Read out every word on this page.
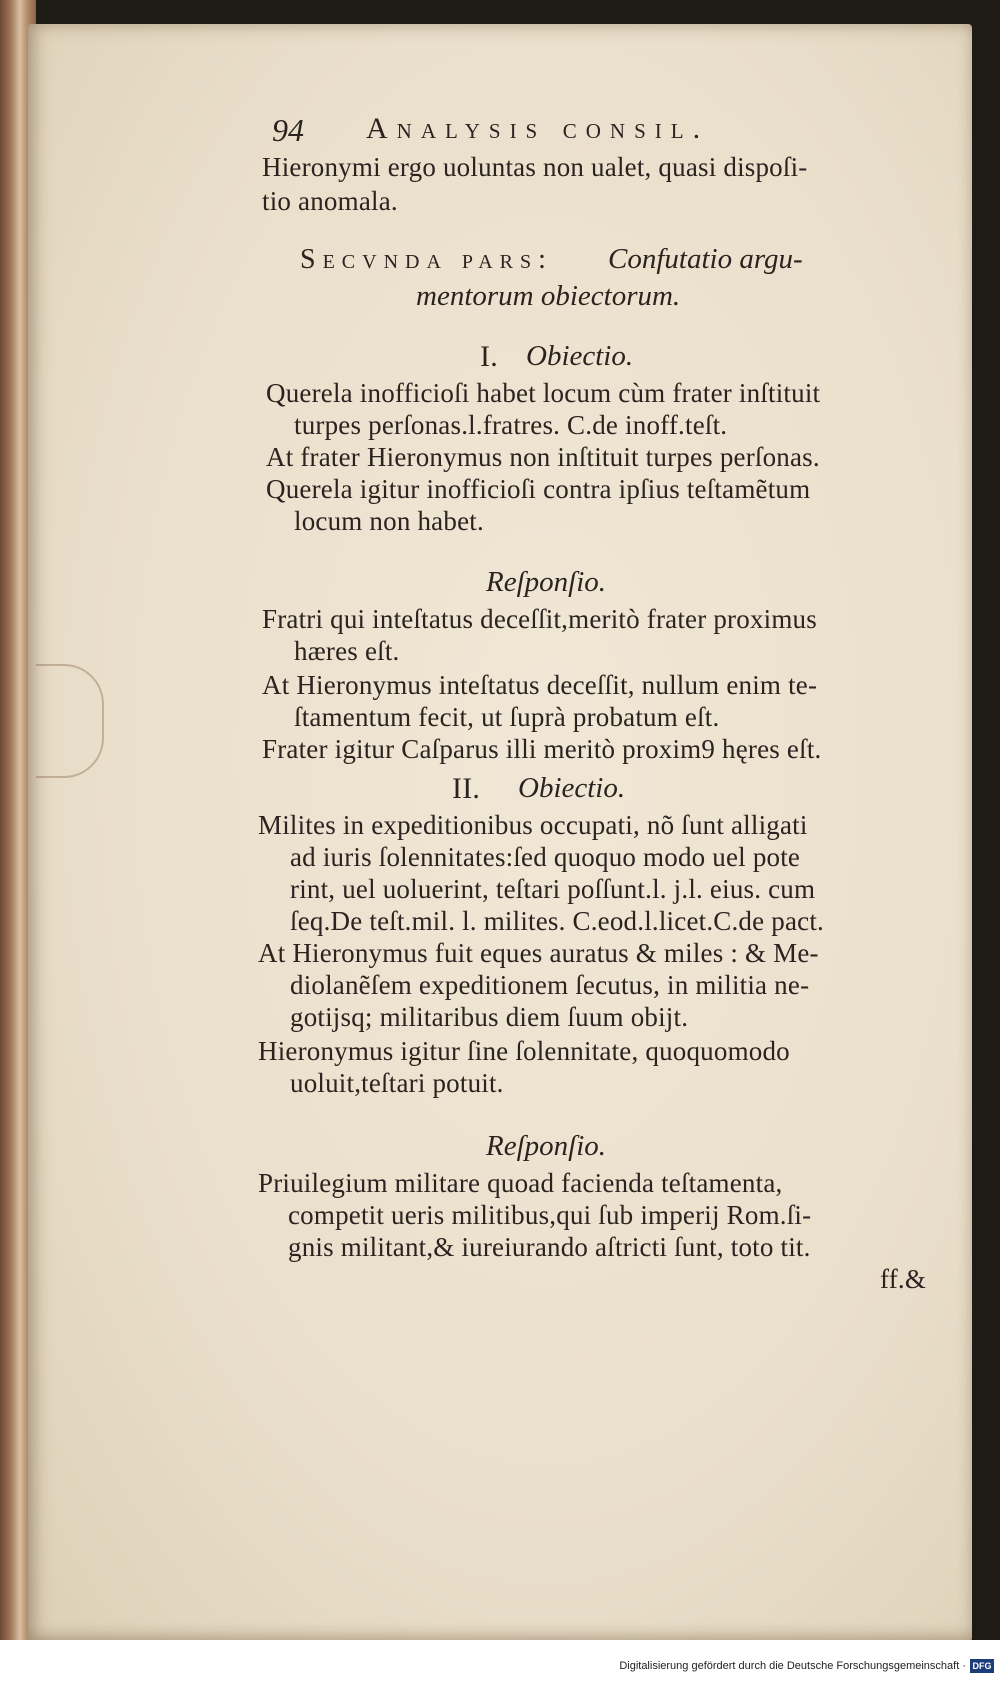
94 Analysis consil.
Hieronymi ergo uoluntas non ualet, quasi dispoſi-
tio anomala.
Secvnda pars: Confutatio argu-
mentorum obiectorum.
I. Obiectio.
Querela inofficioſi habet locum cùm frater inſtituit
turpes perſonas.l.fratres. C.de inoff.teſt.
At frater Hieronymus non inſtituit turpes perſonas.
Querela igitur inofficioſi contra ipſius teſtamẽtum
locum non habet.
Reſponſio.
Fratri qui inteſtatus deceſſit,meritò frater proximus
hæres eſt.
At Hieronymus inteſtatus deceſſit, nullum enim te-
ſtamentum fecit, ut ſuprà probatum eſt.
Frater igitur Caſparus illi meritò proxim9 hęres eſt.
II. Obiectio.
Milites in expeditionibus occupati, nõ ſunt alligati
ad iuris ſolennitates:ſed quoquo modo uel pote
rint, uel uoluerint, teſtari poſſunt.l. j.l. eius. cum
ſeq.De teſt.mil. l. milites. C.eod.l.licet.C.de pact.
At Hieronymus fuit eques auratus & miles : & Me-
diolanẽſem expeditionem ſecutus, in militia ne-
gotijsq; militaribus diem ſuum obijt.
Hieronymus igitur ſine ſolennitate, quoquomodo
uoluit,teſtari potuit.
Reſponſio.
Priuilegium militare quoad facienda teſtamenta,
competit ueris militibus,qui ſub imperij Rom.ſi-
gnis militant,& iureiurando aſtricti ſunt, toto tit.
ff.&
Digitalisierung gefördert durch die Deutsche Forschungsgemeinschaft · DFG
